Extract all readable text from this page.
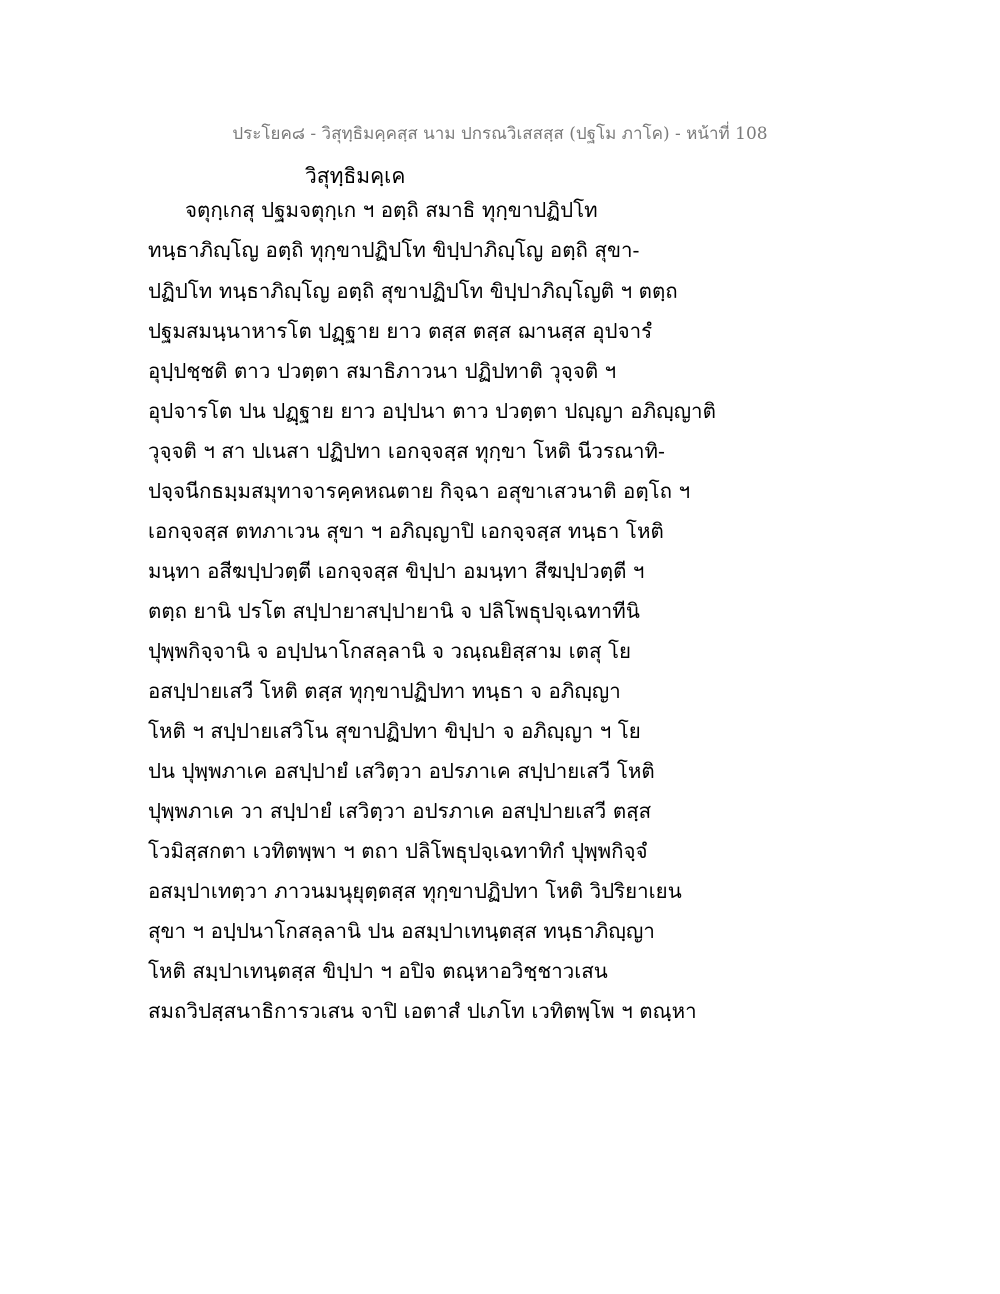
ประโยค๘ - วิสุทฺธิมคฺคสฺส นาม ปกรณวิเสสสฺส (ปฐโม ภาโค) - หน้าที่ 108
วิสุทฺธิมคฺเค
จตุกฺเกสุ ปฐมจตุกฺเก ฯ อตฺถิ สมาธิ ทุกฺขาปฏิปโท
ทนฺธาภิญฺโญ อตฺถิ ทุกฺขาปฏิปโท ขิปฺปาภิญฺโญ อตฺถิ สุขา-
ปฏิปโท ทนฺธาภิญฺโญ อตฺถิ สุขาปฏิปโท ขิปฺปาภิญฺโญติ ฯ ตตฺถ
ปฐมสมนฺนาหารโต ปฏฺฐาย ยาว ตสฺส ตสฺส ฌานสฺส อุปจารํ
อุปฺปชฺชติ ตาว ปวตฺตา สมาธิภาวนา ปฏิปทาติ วุจฺจติ ฯ
อุปจารโต ปน ปฏฺฐาย ยาว อปฺปนา ตาว ปวตฺตา ปญฺญา อภิญฺญาติ
วุจฺจติ ฯ สา ปเนสา ปฏิปทา เอกจฺจสฺส ทุกฺขา โหติ นีวรณาทิ-
ปจฺจนีกธมฺมสมุทาจารคฺคหณตาย กิจฺฉา อสุขาเสวนาติ อตฺโถ ฯ
เอกจฺจสฺส ตทภาเวน สุขา ฯ อภิญฺญาปิ เอกจฺจสฺส ทนฺธา โหติ
มนฺทา อสีฆปฺปวตฺตี เอกจฺจสฺส ขิปฺปา อมนฺทา สีฆปฺปวตฺตี ฯ
ตตฺถ ยานิ ปรโต สปฺปายาสปฺปายานิ จ ปลิโพธุปจฺเฉทาทีนิ
ปุพฺพกิจฺจานิ จ อปฺปนาโกสลฺลานิ จ วณฺณยิสฺสาม เตสุ โย
อสปฺปายเสวี โหติ ตสฺส ทุกฺขาปฏิปทา ทนฺธา จ อภิญฺญา
โหติ ฯ สปฺปายเสวิโน สุขาปฏิปทา ขิปฺปา จ อภิญฺญา ฯ โย
ปน ปุพฺพภาเค อสปฺปายํ เสวิตฺวา อปรภาเค สปฺปายเสวี โหติ
ปุพฺพภาเค วา สปฺปายํ เสวิตฺวา อปรภาเค อสปฺปายเสวี ตสฺส
โวมิสฺสกตา เวทิตพฺพา ฯ ตถา ปลิโพธุปจฺเฉทาทิกํ ปุพฺพกิจฺจํ
อสมฺปาเทตฺวา ภาวนมนุยุตฺตสฺส ทุกฺขาปฏิปทา โหติ วิปริยาเยน
สุขา ฯ อปฺปนาโกสลฺลานิ ปน อสมฺปาเทนฺตสฺส ทนฺธาภิญฺญา
โหติ สมฺปาเทนฺตสฺส ขิปฺปา ฯ อปิจ ตณฺหาอวิชฺชาวเสน
สมถวิปสฺสนาธิการวเสน จาปิ เอตาสํ ปเภโท เวทิตพฺโพ ฯ ตณฺหา
